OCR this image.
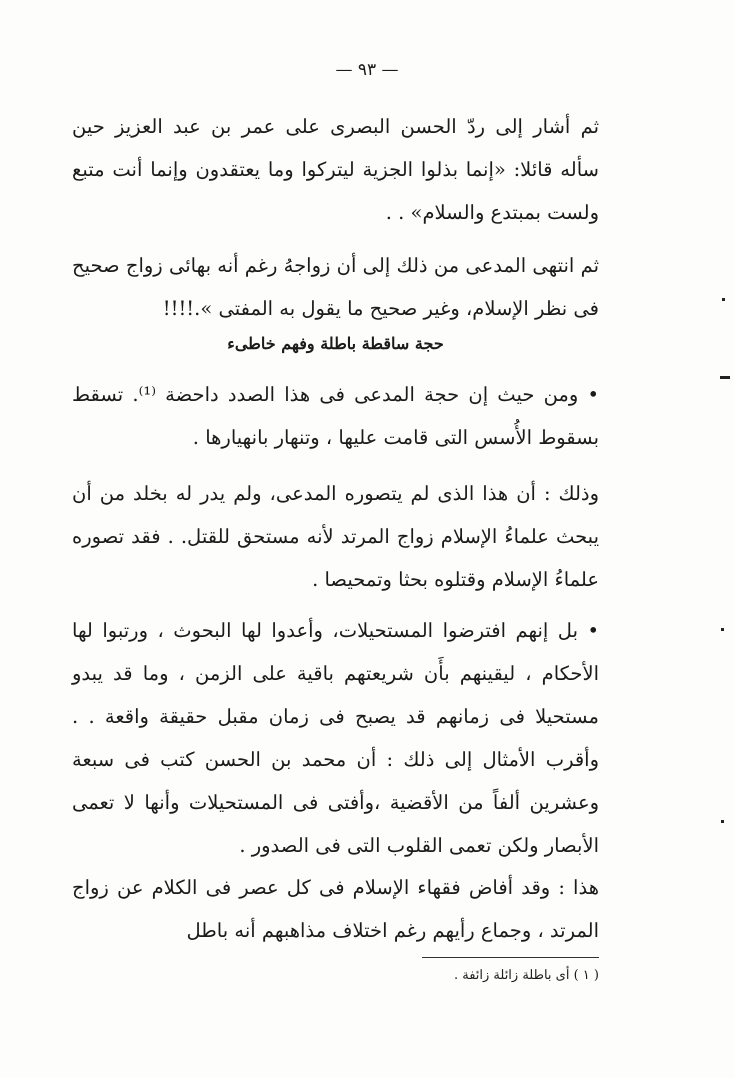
— ٩٣ —

ثم أشار إلى ردّ الحسن البصرى على عمر بن عبد العزيز حين سأله قائلا: «إنما بذلوا الجزية ليتركوا وما يعتقدون وإنما أنت متبع ولست بمبتدع والسلام» . .

ثم انتهى المدعى من ذلك إلى أن زواجهُ رغم أنه بهائى زواج صحيح فى نظر الإسلام، وغير صحيح ما يقول به المفتى ».!!!!

حجة ساقطة باطلة وفهم خاطىء

• ومن حيث إن حجة المدعى فى هذا الصدد داحضة ⁽¹⁾. تسقط بسقوط الأُسس التى قامت عليها ، وتنهار بانهيارها .

وذلك : أن هذا الذى لم يتصوره المدعى، ولم يدر له بخلد من أن يبحث علماءُ الإسلام زواج المرتد لأنه مستحق للقتل. . فقد تصوره علماءُ الإسلام وقتلوه بحثا وتمحيصا .

• بل إنهم افترضوا المستحيلات، وأعدوا لها البحوث ، ورتبوا لها الأحكام ، ليقينهم بأَن شريعتهم باقية على الزمن ، وما قد يبدو مستحيلا فى زمانهم قد يصبح فى زمان مقبل حقيقة واقعة . . وأقرب الأمثال إلى ذلك : أن محمد بن الحسن كتب فى سبعة وعشرين ألفاً من الأقضية ،وأفتى فى المستحيلات وأنها لا تعمى الأبصار ولكن تعمى القلوب التى فى الصدور .

هذا : وقد أفاض فقهاء الإسلام فى كل عصر فى الكلام عن زواج المرتد ، وجماع رأيهم رغم اختلاف مذاهبهم أنه باطل

( ١ ) أى باطلة زائلة زائفة .
